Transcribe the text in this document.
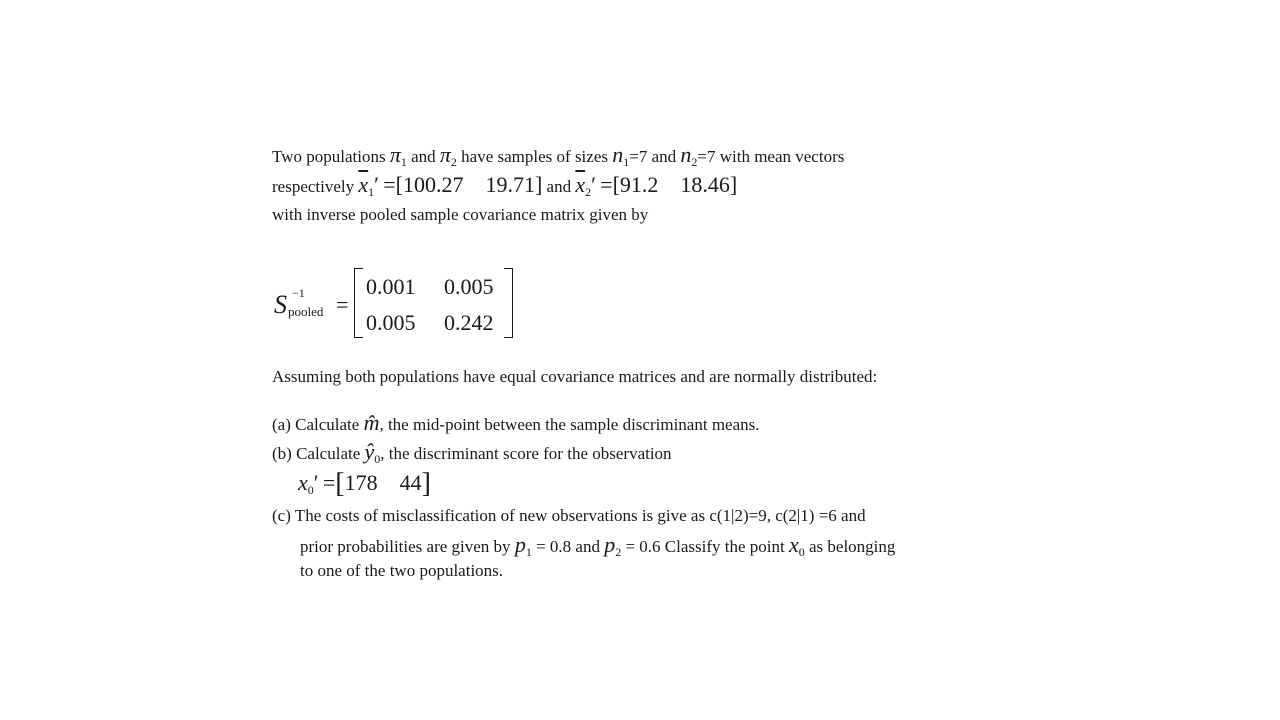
Two populations $\pi_1$ and $\pi_2$ have samples of sizes $n_1=7$ and $n_2=7$ with mean vectors
respectively $\overline{x}_1' =[100.27$ 19.71] and $\overline{x}_2' =[91.2$ 18.46]
with inverse pooled sample covariance matrix given by
S −1
pooled =
0.001 0.005
0.005 0.242
Assuming both populations have equal covariance matrices and are normally distributed:
(a) Calculate m̂, the mid-point between the sample discriminant means.
(b) Calculate $ŷ_0$, the discriminant score for the observation
$x_0' =[178$ 44]
(c) The costs of misclassification of new observations is give as c(1|2)=9, c(2|1) =6 and
prior probabilities are given by $p_1 = 0.8$ and $p_2 = 0.6$ Classify the point $x_0$ as belonging
to one of the two populations.
